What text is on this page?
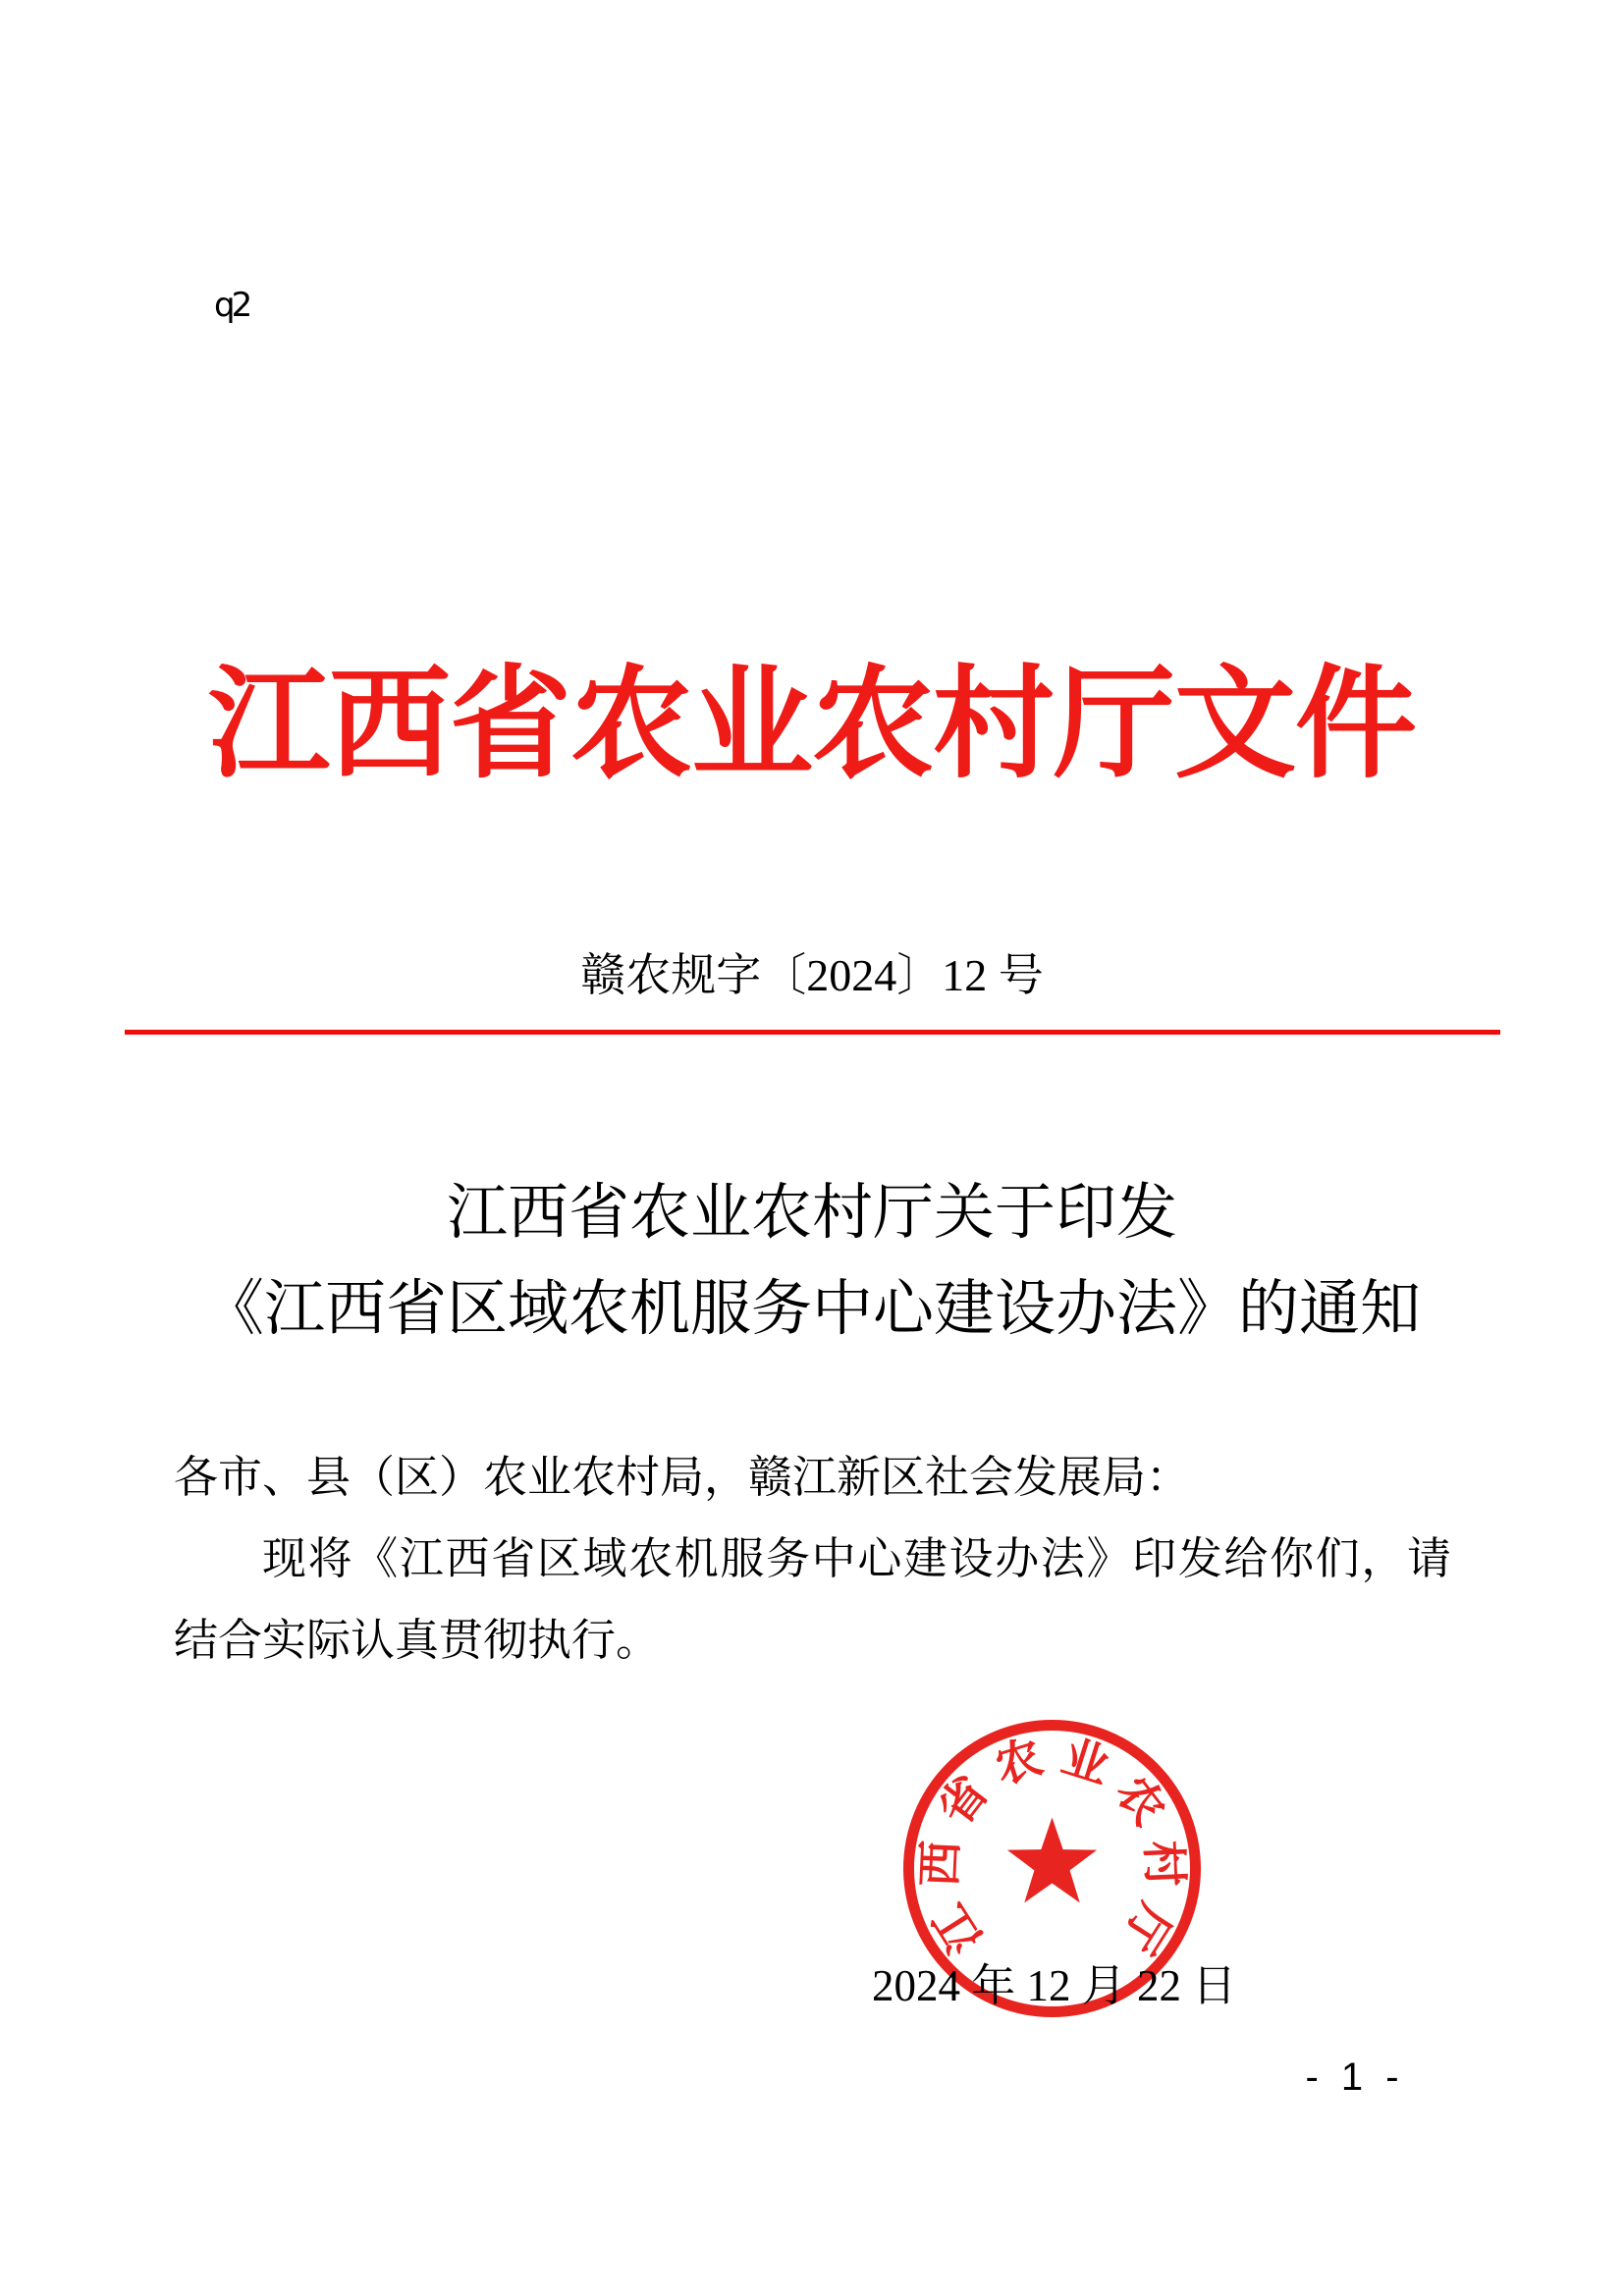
q2
江西省农业农村厅文件
赣农规字〔2024〕12 号
江西省农业农村厅关于印发
《江西省区域农机服务中心建设办法》的通知
各市、县（区）农业农村局，赣江新区社会发展局：
现将《江西省区域农机服务中心建设办法》印发给你们，请
结合实际认真贯彻执行。
江
西
省
农 业
农
村
厅
2024 年 12 月 22 日
- 1 -
